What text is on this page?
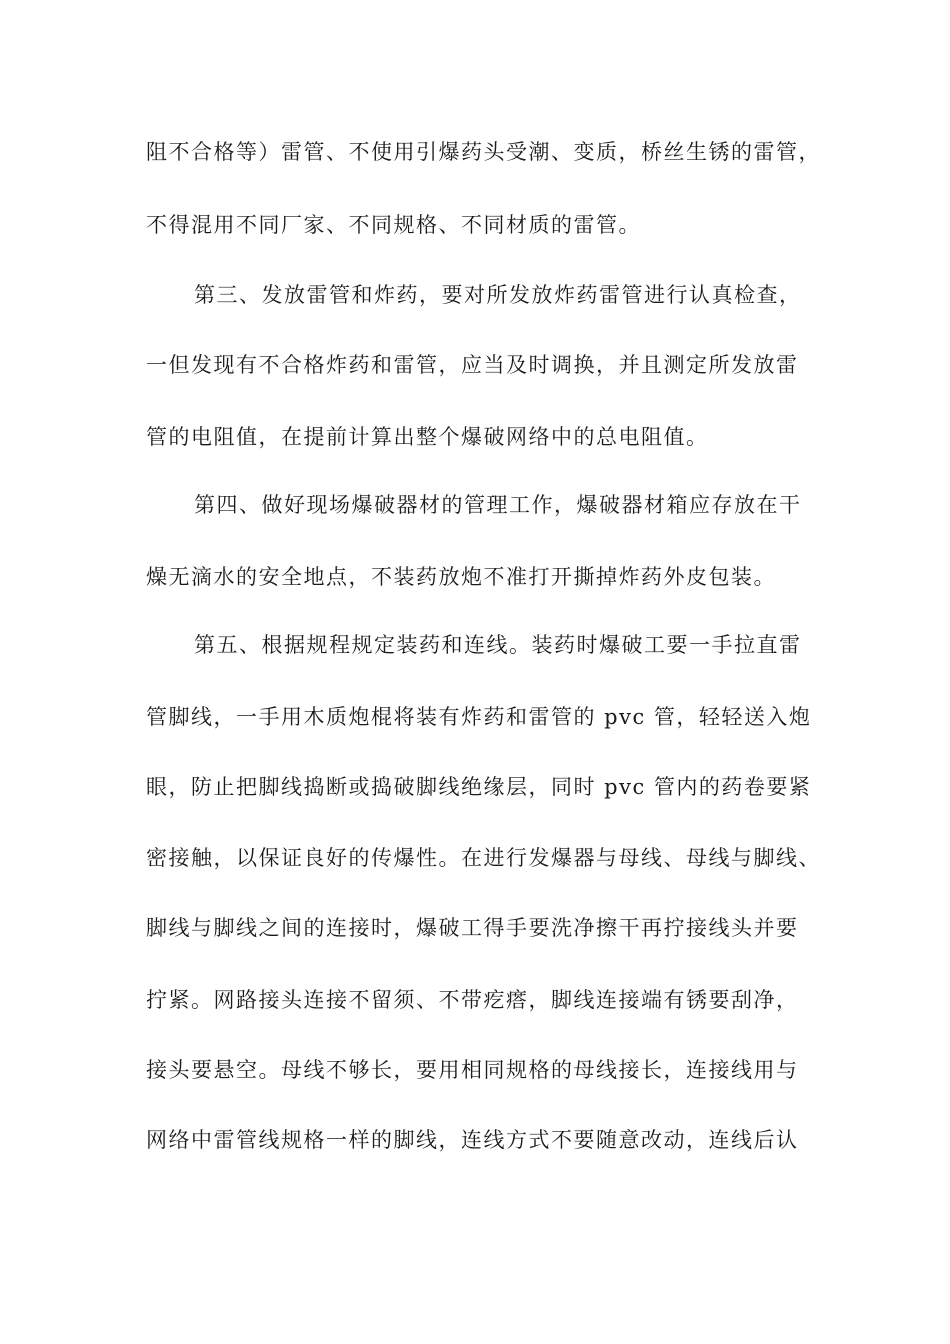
阻不合格等）雷管、不使用引爆药头受潮、变质，桥丝生锈的雷管，
不得混用不同厂家、不同规格、不同材质的雷管。
第三、发放雷管和炸药，要对所发放炸药雷管进行认真检查，
一但发现有不合格炸药和雷管，应当及时调换，并且测定所发放雷
管的电阻值，在提前计算出整个爆破网络中的总电阻值。
第四、做好现场爆破器材的管理工作，爆破器材箱应存放在干
燥无滴水的安全地点，不装药放炮不准打开撕掉炸药外皮包装。
第五、根据规程规定装药和连线。装药时爆破工要一手拉直雷
管脚线，一手用木质炮棍将装有炸药和雷管的 pvc 管，轻轻送入炮
眼，防止把脚线捣断或捣破脚线绝缘层，同时 pvc 管内的药卷要紧
密接触，以保证良好的传爆性。在进行发爆器与母线、母线与脚线、
脚线与脚线之间的连接时，爆破工得手要洗净擦干再拧接线头并要
拧紧。网路接头连接不留须、不带疙瘩，脚线连接端有锈要刮净，
接头要悬空。母线不够长，要用相同规格的母线接长，连接线用与
网络中雷管线规格一样的脚线，连线方式不要随意改动，连线后认
